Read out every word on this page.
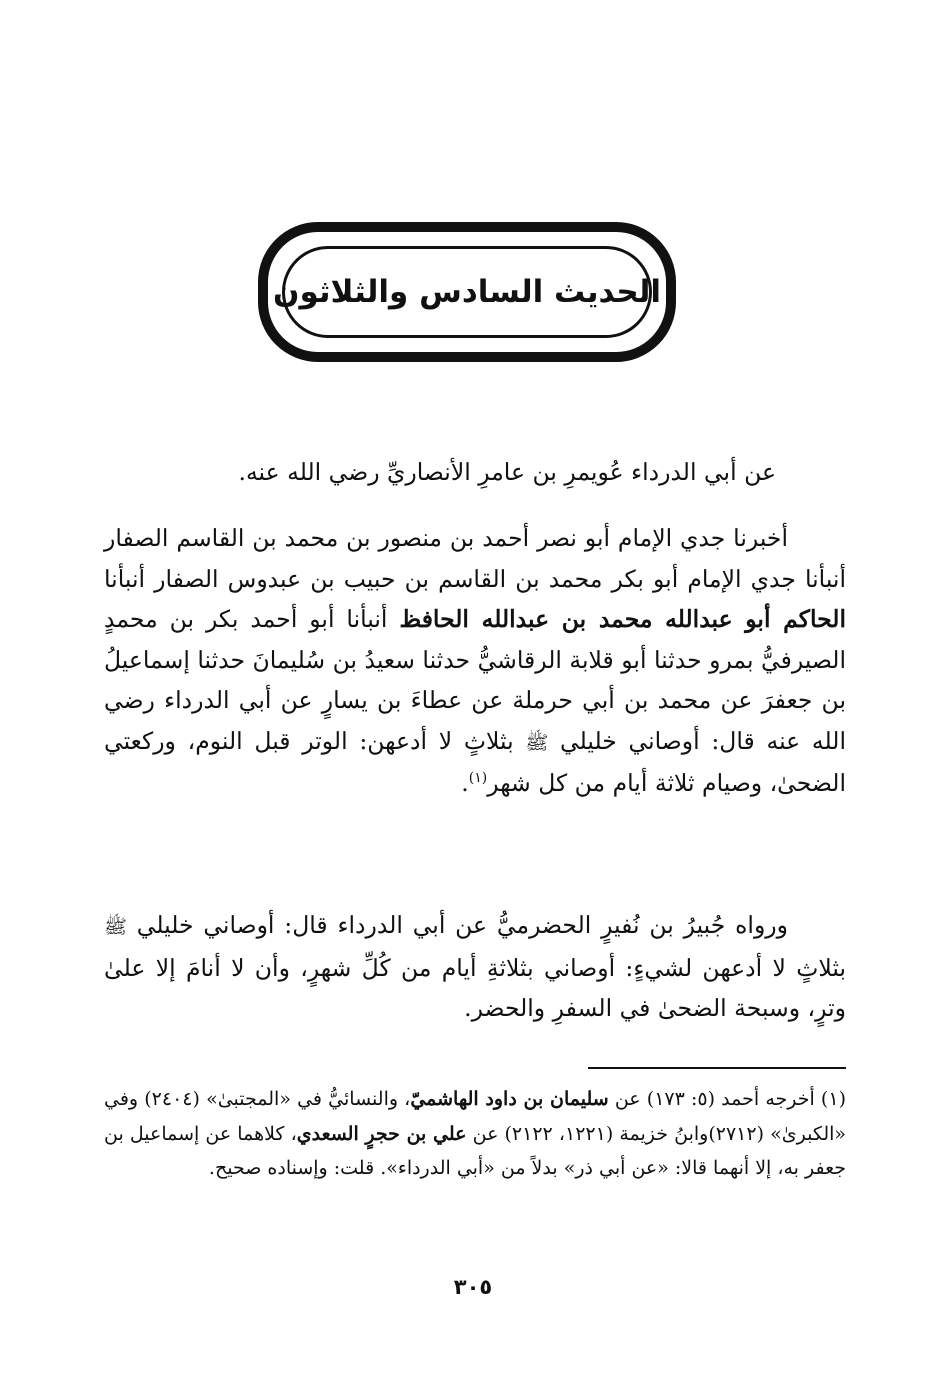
الحديث السادس والثلاثون

عن أبي الدرداء عُويمرِ بن عامرِ الأنصاريِّ رضي الله عنه.

أخبرنا جدي الإمام أبو نصر أحمد بن منصور بن محمد بن القاسم الصفار أنبأنا جدي الإمام أبو بكر محمد بن القاسم بن حبيب بن عبدوس الصفار أنبأنا الحاكم أبو عبدالله محمد بن عبدالله الحافظ أنبأنا أبو أحمد بكر بن محمدٍ الصيرفيُّ بمرو حدثنا أبو قلابة الرقاشيُّ حدثنا سعيدُ بن سُليمانَ حدثنا إسماعيلُ بن جعفرَ عن محمد بن أبي حرملة عن عطاءَ بن يسارٍ عن أبي الدرداء رضي الله عنه قال: أوصاني خليلي ﷺ بثلاثٍ لا أدعهن: الوتر قبل النوم، وركعتي الضحىٰ، وصيام ثلاثة أيام من كل شهر$^{(١)}$.

ورواه جُبيرُ بن نُفيرٍ الحضرميُّ عن أبي الدرداء قال: أوصاني خليلي ﷺ بثلاثٍ لا أدعهن لشيءٍ: أوصاني بثلاثةِ أيام من كُلِّ شهرٍ، وأن لا أنامَ إلا علىٰ وترٍ، وسبحة الضحىٰ في السفرِ والحضر.

(١) أخرجه أحمد (٥: ١٧٣) عن سليمان بن داود الهاشميّ، والنسائيُّ في «المجتبىٰ» (٢٤٠٤) وفي «الكبرىٰ» (٢٧١٢)وابنُ خزيمة (١٢٢١، ٢١٢٢) عن علي بن حجرٍ السعدي، كلاهما عن إسماعيل بن جعفر به، إلا أنهما قالا: «عن أبي ذر» بدلاً من «أبي الدرداء». قلت: وإسناده صحيح.

٣٠٥
